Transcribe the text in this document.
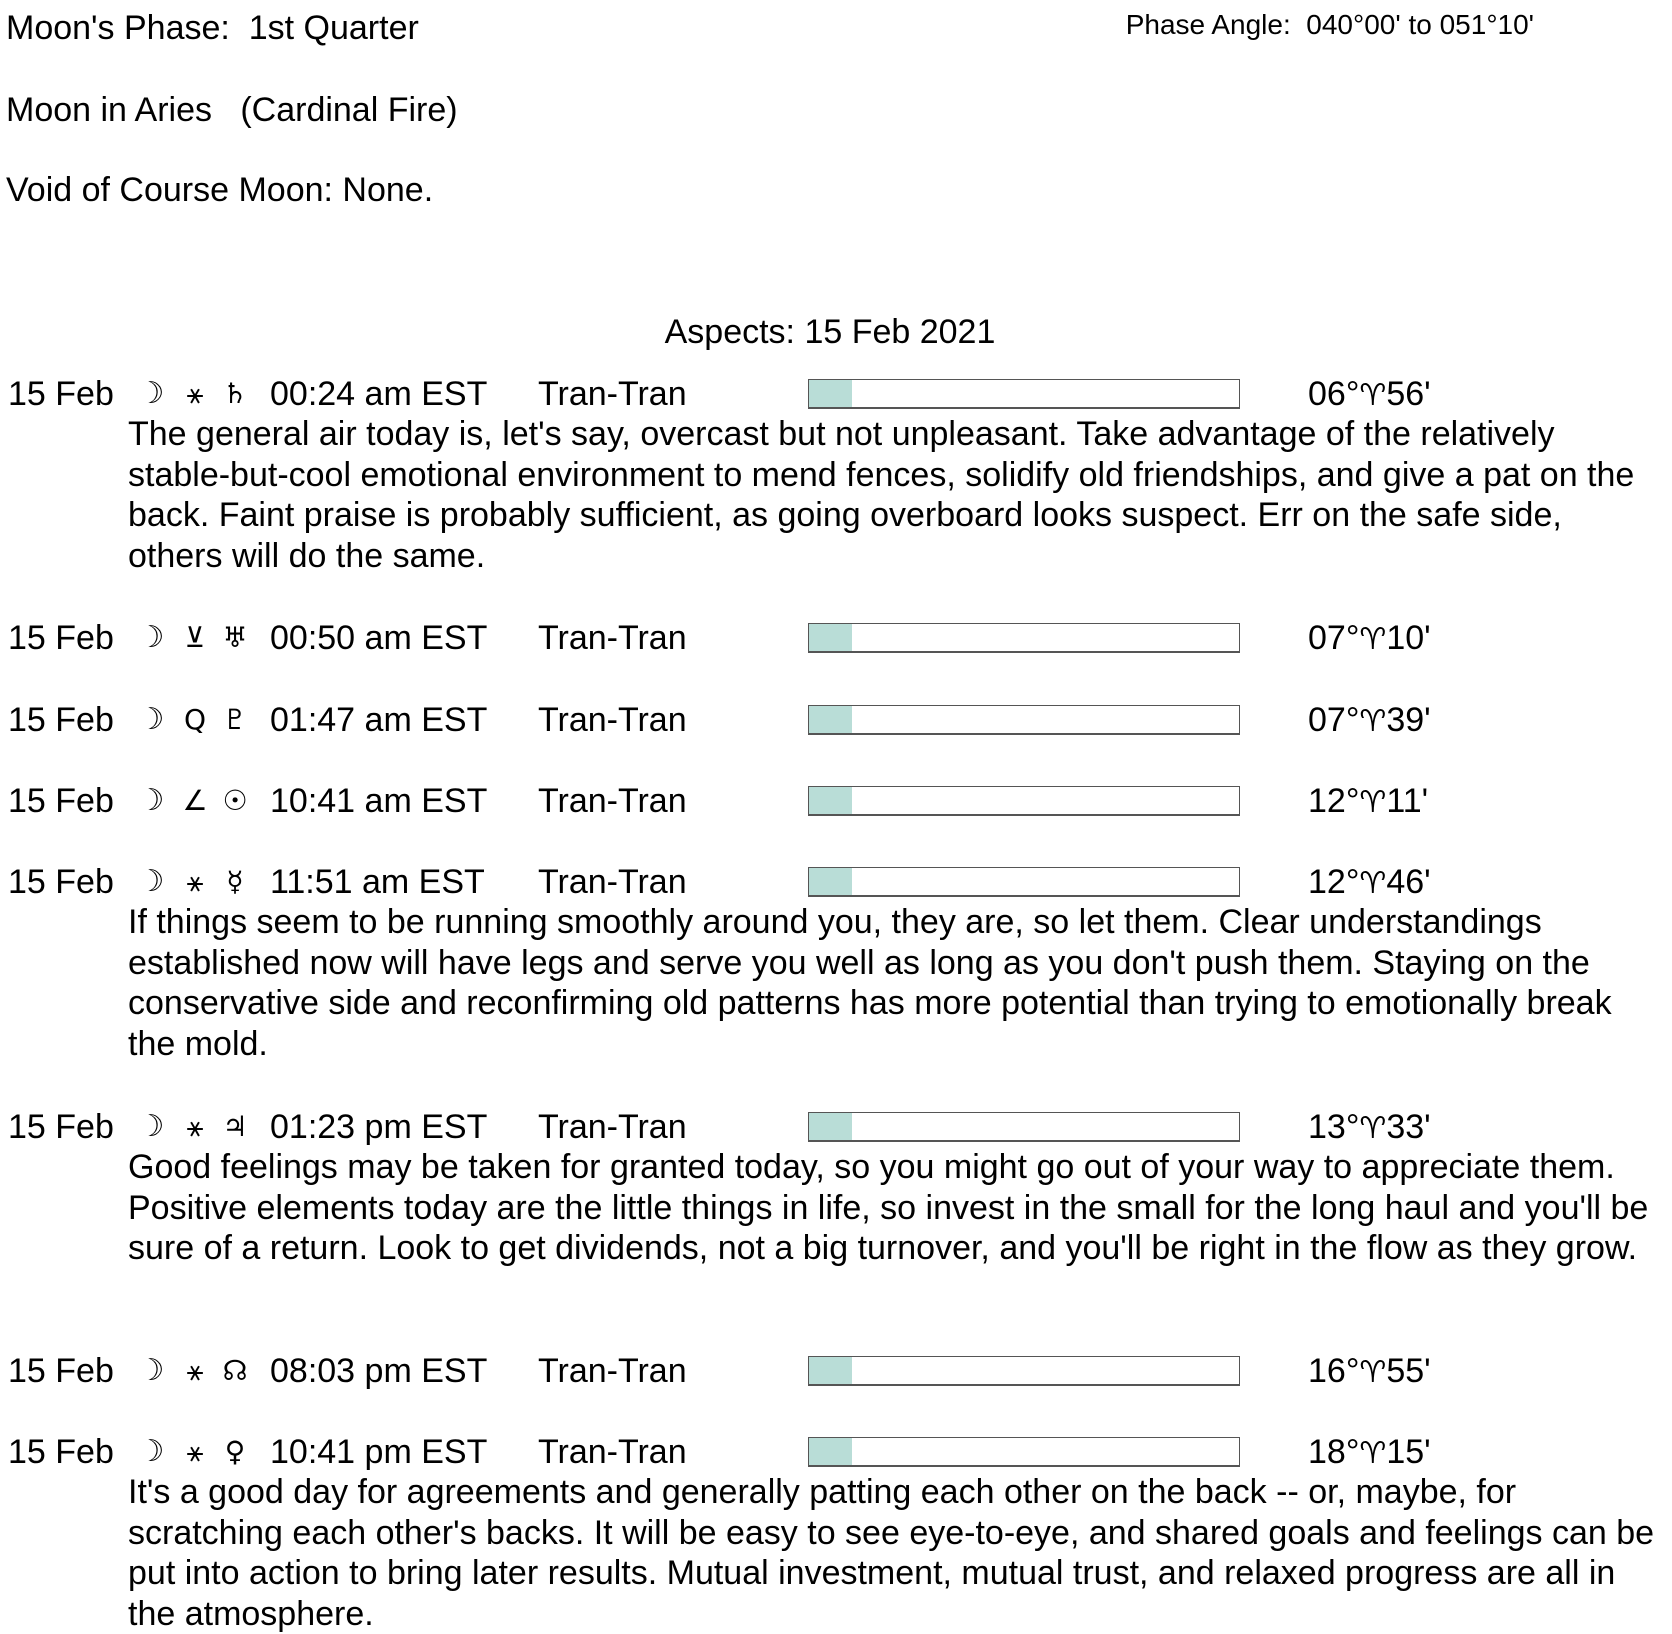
Moon's Phase:  1st Quarter	Phase Angle:  040°00' to 051°10'
Moon in Aries   (Cardinal Fire)
Void of Course Moon: None.
Aspects: 15 Feb 2021
15 Feb ☽ ⚹ ♄ 00:24 am EST Tran-Tran	06°♈56'
The general air today is, let's say, overcast but not unpleasant. Take advantage of the relatively stable-but-cool emotional environment to mend fences, solidify old friendships, and give a pat on the back. Faint praise is probably sufficient, as going overboard looks suspect. Err on the safe side, others will do the same.
15 Feb ☽ ⊻ ♅ 00:50 am EST Tran-Tran	07°♈10'
15 Feb ☽ Q ♇ 01:47 am EST Tran-Tran	07°♈39'
15 Feb ☽ ∠ ☉ 10:41 am EST Tran-Tran	12°♈11'
15 Feb ☽ ⚹ ☿ 11:51 am EST Tran-Tran	12°♈46'
If things seem to be running smoothly around you, they are, so let them. Clear understandings established now will have legs and serve you well as long as you don't push them. Staying on the conservative side and reconfirming old patterns has more potential than trying to emotionally break the mold.
15 Feb ☽ ⚹ ♃ 01:23 pm EST Tran-Tran	13°♈33'
Good feelings may be taken for granted today, so you might go out of your way to appreciate them. Positive elements today are the little things in life, so invest in the small for the long haul and you'll be sure of a return. Look to get dividends, not a big turnover, and you'll be right in the flow as they grow.
15 Feb ☽ ⚹ ☊ 08:03 pm EST Tran-Tran	16°♈55'
15 Feb ☽ ⚹ ♀ 10:41 pm EST Tran-Tran	18°♈15'
It's a good day for agreements and generally patting each other on the back -- or, maybe, for scratching each other's backs. It will be easy to see eye-to-eye, and shared goals and feelings can be put into action to bring later results. Mutual investment, mutual trust, and relaxed progress are all in the atmosphere.
